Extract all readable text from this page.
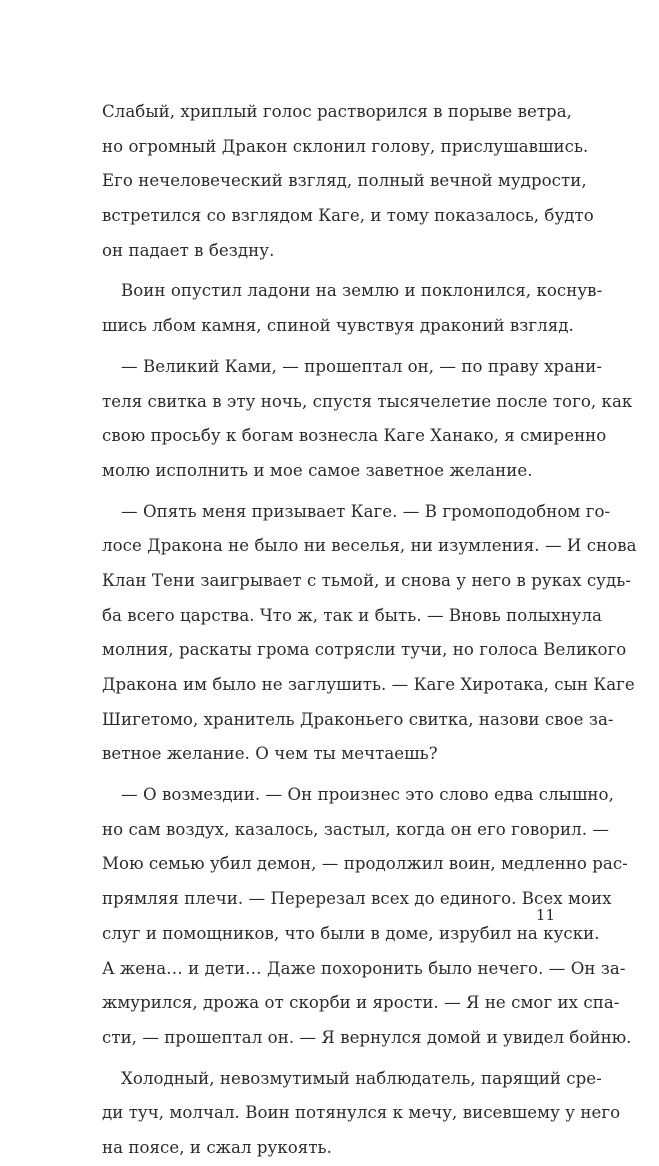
Слабый, хриплый голос растворился в порыве ветра,
но огромный Дракон склонил голову, прислушавшись.
Его нечеловеческий взгляд, полный вечной мудрости,
встретился со взглядом Каге, и тому показалось, будто
он падает в бездну.
Воин опустил ладони на землю и поклонился, коснув-
шись лбом камня, спиной чувствуя драконий взгляд.
— Великий Ками, — прошептал он, — по праву храни-
теля свитка в эту ночь, спустя тысячелетие после того, как
свою просьбу к богам вознесла Каге Ханако, я смиренно
молю исполнить и мое самое заветное желание.
— Опять меня призывает Каге. — В громоподобном го-
лосе Дракона не было ни веселья, ни изумления. — И снова
Клан Тени заигрывает с тьмой, и снова у него в руках судь-
ба всего царства. Что ж, так и быть. — Вновь полыхнула
молния, раскаты грома сотрясли тучи, но голоса Великого
Дракона им было не заглушить. — Каге Хиротака, сын Каге
Шигетомо, хранитель Драконьего свитка, назови свое за-
ветное желание. О чем ты мечтаешь?
— О возмездии. — Он произнес это слово едва слышно,
но сам воздух, казалось, застыл, когда он его говорил. —
Мою семью убил демон, — продолжил воин, медленно рас-
прямляя плечи. — Перерезал всех до единого. Всех моих
слуг и помощников, что были в доме, изрубил на куски.
А жена… и дети… Даже похоронить было нечего. — Он за-
жмурился, дрожа от скорби и ярости. — Я не смог их спа-
сти, — прошептал он. — Я вернулся домой и увидел бойню.
Холодный, невозмутимый наблюдатель, парящий сре-
ди туч, молчал. Воин потянулся к мечу, висевшему у него
на поясе, и сжал рукоять.
11
